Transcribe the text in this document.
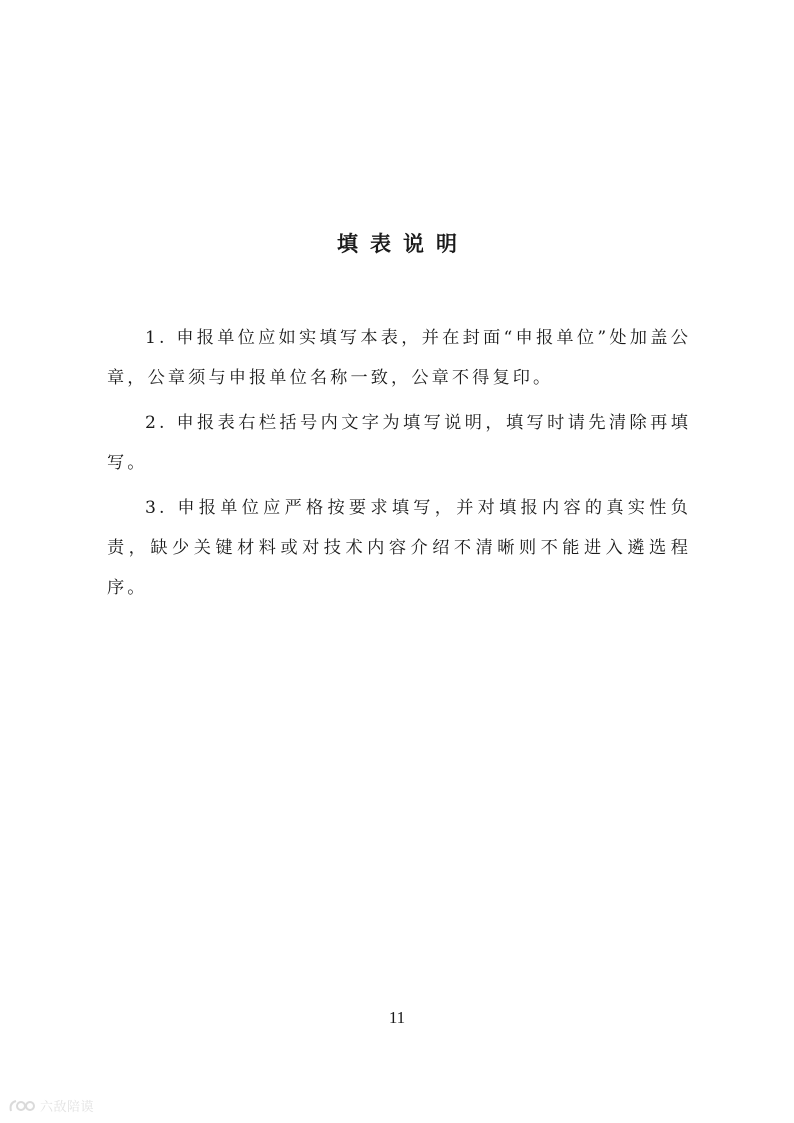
填表说明

1. 申报单位应如实填写本表，并在封面“申报单位”处加盖公章，公章须与申报单位名称一致，公章不得复印。

2. 申报表右栏括号内文字为填写说明，填写时请先清除再填写。

3. 申报单位应严格按要求填写，并对填报内容的真实性负责，缺少关键材料或对技术内容介绍不清晰则不能进入遴选程序。

11
六敌陪谟
